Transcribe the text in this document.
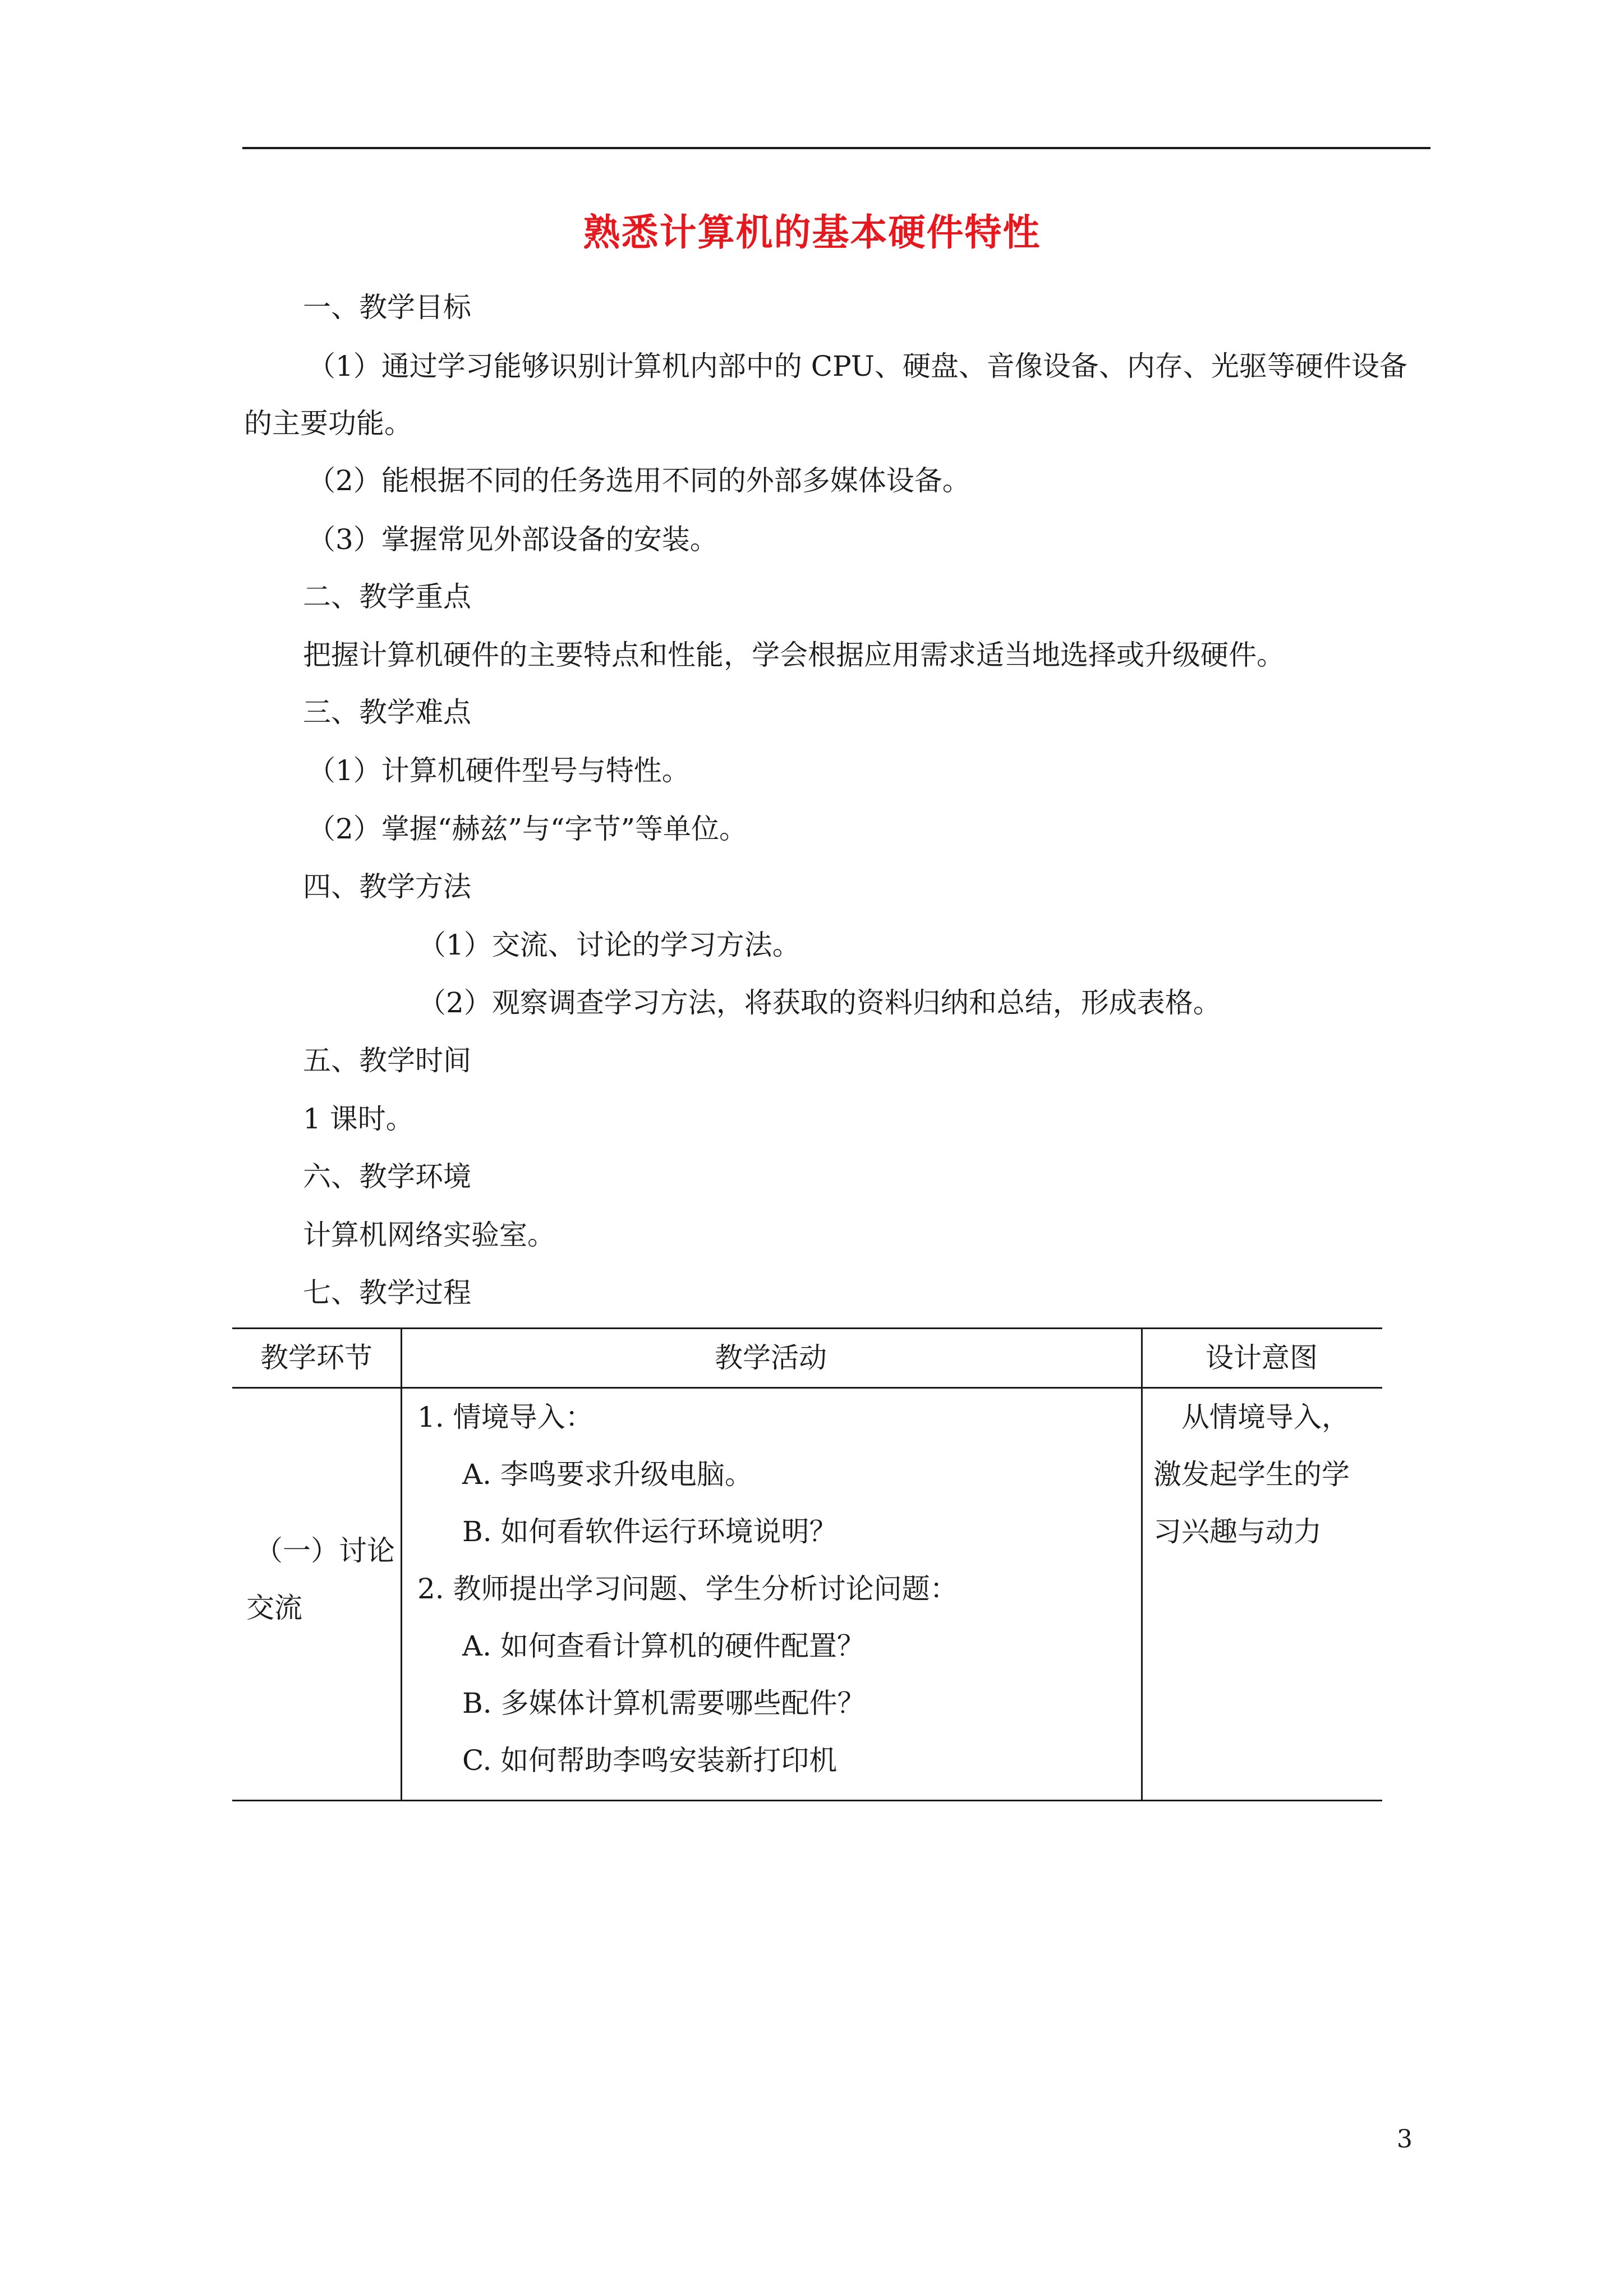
熟悉计算机的基本硬件特性
一、教学目标
（1）通过学习能够识别计算机内部中的 CPU、硬盘、音像设备、内存、光驱等硬件设备
的主要功能。
（2）能根据不同的任务选用不同的外部多媒体设备。
（3）掌握常见外部设备的安装。
二、教学重点
把握计算机硬件的主要特点和性能，学会根据应用需求适当地选择或升级硬件。
三、教学难点
（1）计算机硬件型号与特性。
（2）掌握“赫兹”与“字节”等单位。
四、教学方法
（1）交流、讨论的学习方法。
（2）观察调查学习方法，将获取的资料归纳和总结，形成表格。
五、教学时间
1 课时。
六、教学环境
计算机网络实验室。
七、教学过程
教学环节	教学活动	设计意图
（一）讨论
交流
1. 情境导入：
A. 李鸣要求升级电脑。
B. 如何看软件运行环境说明？
2. 教师提出学习问题、学生分析讨论问题：
A. 如何查看计算机的硬件配置？
B. 多媒体计算机需要哪些配件？
C. 如何帮助李鸣安装新打印机
从情境导入，
激发起学生的学
习兴趣与动力
3
